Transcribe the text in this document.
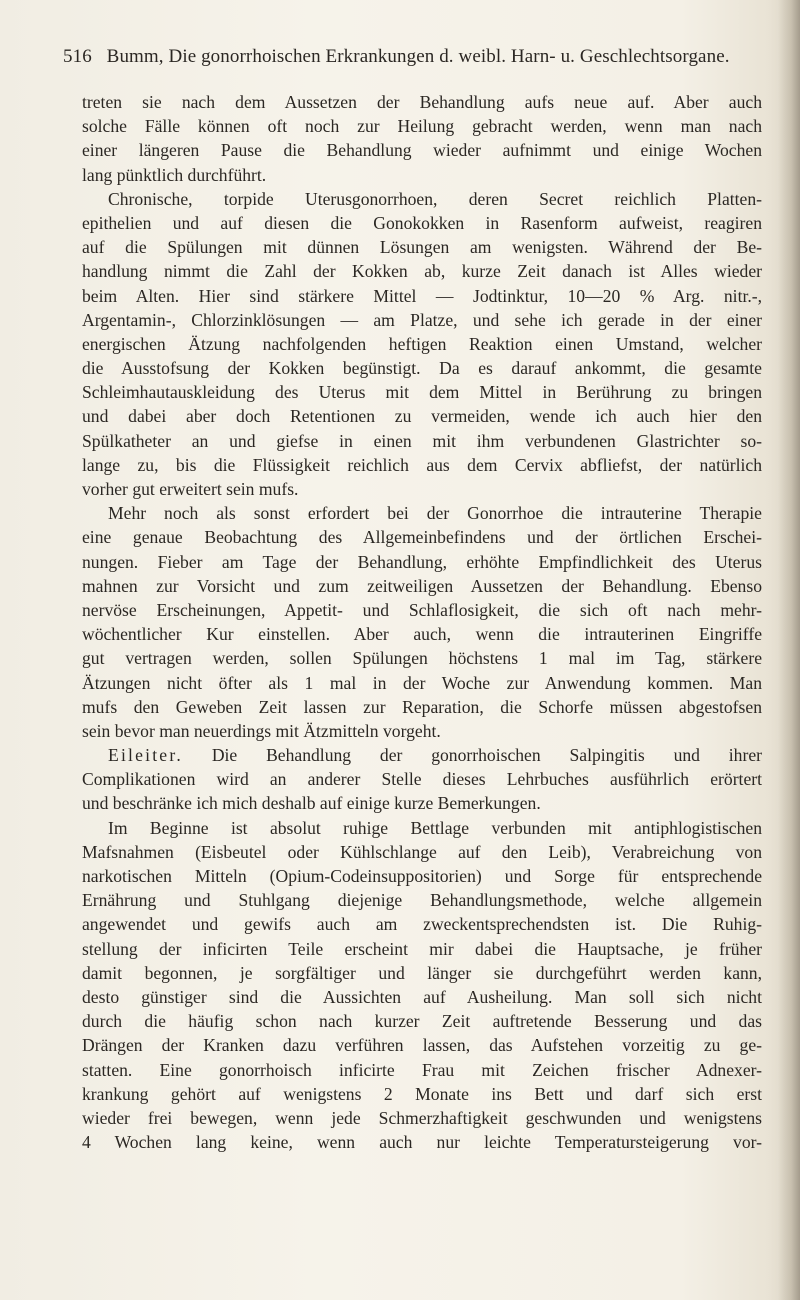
516 Bumm, Die gonorrhoischen Erkrankungen d. weibl. Harn- u. Geschlechtsorgane.
treten sie nach dem Aussetzen der Behandlung aufs neue auf. Aber auch
solche Fälle können oft noch zur Heilung gebracht werden, wenn man nach
einer längeren Pause die Behandlung wieder aufnimmt und einige Wochen
lang pünktlich durchführt.
Chronische, torpide Uterusgonorrhoen, deren Secret reichlich Platten-
epithelien und auf diesen die Gonokokken in Rasenform aufweist, reagiren
auf die Spülungen mit dünnen Lösungen am wenigsten. Während der Be-
handlung nimmt die Zahl der Kokken ab, kurze Zeit danach ist Alles wieder
beim Alten. Hier sind stärkere Mittel — Jodtinktur, 10—20 % Arg. nitr.-,
Argentamin-, Chlorzinklösungen — am Platze, und sehe ich gerade in der einer
energischen Ätzung nachfolgenden heftigen Reaktion einen Umstand, welcher
die Ausstofsung der Kokken begünstigt. Da es darauf ankommt, die gesamte
Schleimhautauskleidung des Uterus mit dem Mittel in Berührung zu bringen
und dabei aber doch Retentionen zu vermeiden, wende ich auch hier den
Spülkatheter an und giefse in einen mit ihm verbundenen Glastrichter so-
lange zu, bis die Flüssigkeit reichlich aus dem Cervix abfliefst, der natürlich
vorher gut erweitert sein mufs.
Mehr noch als sonst erfordert bei der Gonorrhoe die intrauterine Therapie
eine genaue Beobachtung des Allgemeinbefindens und der örtlichen Erschei-
nungen. Fieber am Tage der Behandlung, erhöhte Empfindlichkeit des Uterus
mahnen zur Vorsicht und zum zeitweiligen Aussetzen der Behandlung. Ebenso
nervöse Erscheinungen, Appetit- und Schlaflosigkeit, die sich oft nach mehr-
wöchentlicher Kur einstellen. Aber auch, wenn die intrauterinen Eingriffe
gut vertragen werden, sollen Spülungen höchstens 1 mal im Tag, stärkere
Ätzungen nicht öfter als 1 mal in der Woche zur Anwendung kommen. Man
mufs den Geweben Zeit lassen zur Reparation, die Schorfe müssen abgestofsen
sein bevor man neuerdings mit Ätzmitteln vorgeht.
Eileiter. Die Behandlung der gonorrhoischen Salpingitis und ihrer
Complikationen wird an anderer Stelle dieses Lehrbuches ausführlich erörtert
und beschränke ich mich deshalb auf einige kurze Bemerkungen.
Im Beginne ist absolut ruhige Bettlage verbunden mit antiphlogistischen
Mafsnahmen (Eisbeutel oder Kühlschlange auf den Leib), Verabreichung von
narkotischen Mitteln (Opium-Codeinsuppositorien) und Sorge für entsprechende
Ernährung und Stuhlgang diejenige Behandlungsmethode, welche allgemein
angewendet und gewifs auch am zweckentsprechendsten ist. Die Ruhig-
stellung der inficirten Teile erscheint mir dabei die Hauptsache, je früher
damit begonnen, je sorgfältiger und länger sie durchgeführt werden kann,
desto günstiger sind die Aussichten auf Ausheilung. Man soll sich nicht
durch die häufig schon nach kurzer Zeit auftretende Besserung und das
Drängen der Kranken dazu verführen lassen, das Aufstehen vorzeitig zu ge-
statten. Eine gonorrhoisch inficirte Frau mit Zeichen frischer Adnexer-
krankung gehört auf wenigstens 2 Monate ins Bett und darf sich erst
wieder frei bewegen, wenn jede Schmerzhaftigkeit geschwunden und wenigstens
4 Wochen lang keine, wenn auch nur leichte Temperatursteigerung vor-
